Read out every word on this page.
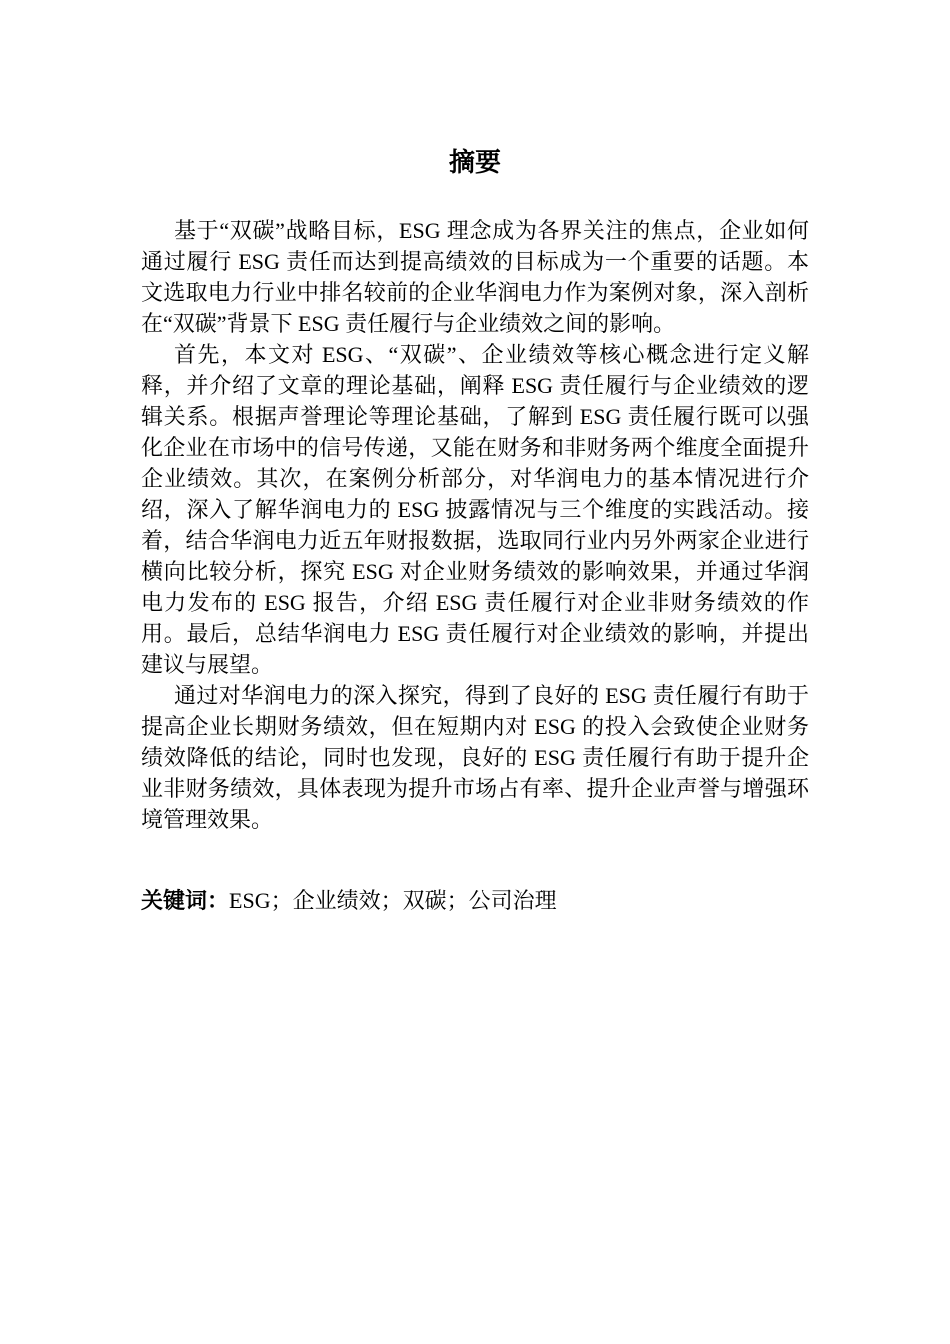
摘要

基于“双碳”战略目标，ESG 理念成为各界关注的焦点，企业如何通过履行 ESG 责任而达到提高绩效的目标成为一个重要的话题。本文选取电力行业中排名较前的企业华润电力作为案例对象，深入剖析在“双碳”背景下 ESG 责任履行与企业绩效之间的影响。

首先，本文对 ESG、“双碳”、企业绩效等核心概念进行定义解释，并介绍了文章的理论基础，阐释 ESG 责任履行与企业绩效的逻辑关系。根据声誉理论等理论基础，了解到 ESG 责任履行既可以强化企业在市场中的信号传递，又能在财务和非财务两个维度全面提升企业绩效。其次，在案例分析部分，对华润电力的基本情况进行介绍，深入了解华润电力的 ESG 披露情况与三个维度的实践活动。接着，结合华润电力近五年财报数据，选取同行业内另外两家企业进行横向比较分析，探究 ESG 对企业财务绩效的影响效果，并通过华润电力发布的 ESG 报告，介绍 ESG 责任履行对企业非财务绩效的作用。最后，总结华润电力 ESG 责任履行对企业绩效的影响，并提出建议与展望。

通过对华润电力的深入探究，得到了良好的 ESG 责任履行有助于提高企业长期财务绩效，但在短期内对 ESG 的投入会致使企业财务绩效降低的结论，同时也发现，良好的 ESG 责任履行有助于提升企业非财务绩效，具体表现为提升市场占有率、提升企业声誉与增强环境管理效果。

关键词：ESG；企业绩效；双碳；公司治理
